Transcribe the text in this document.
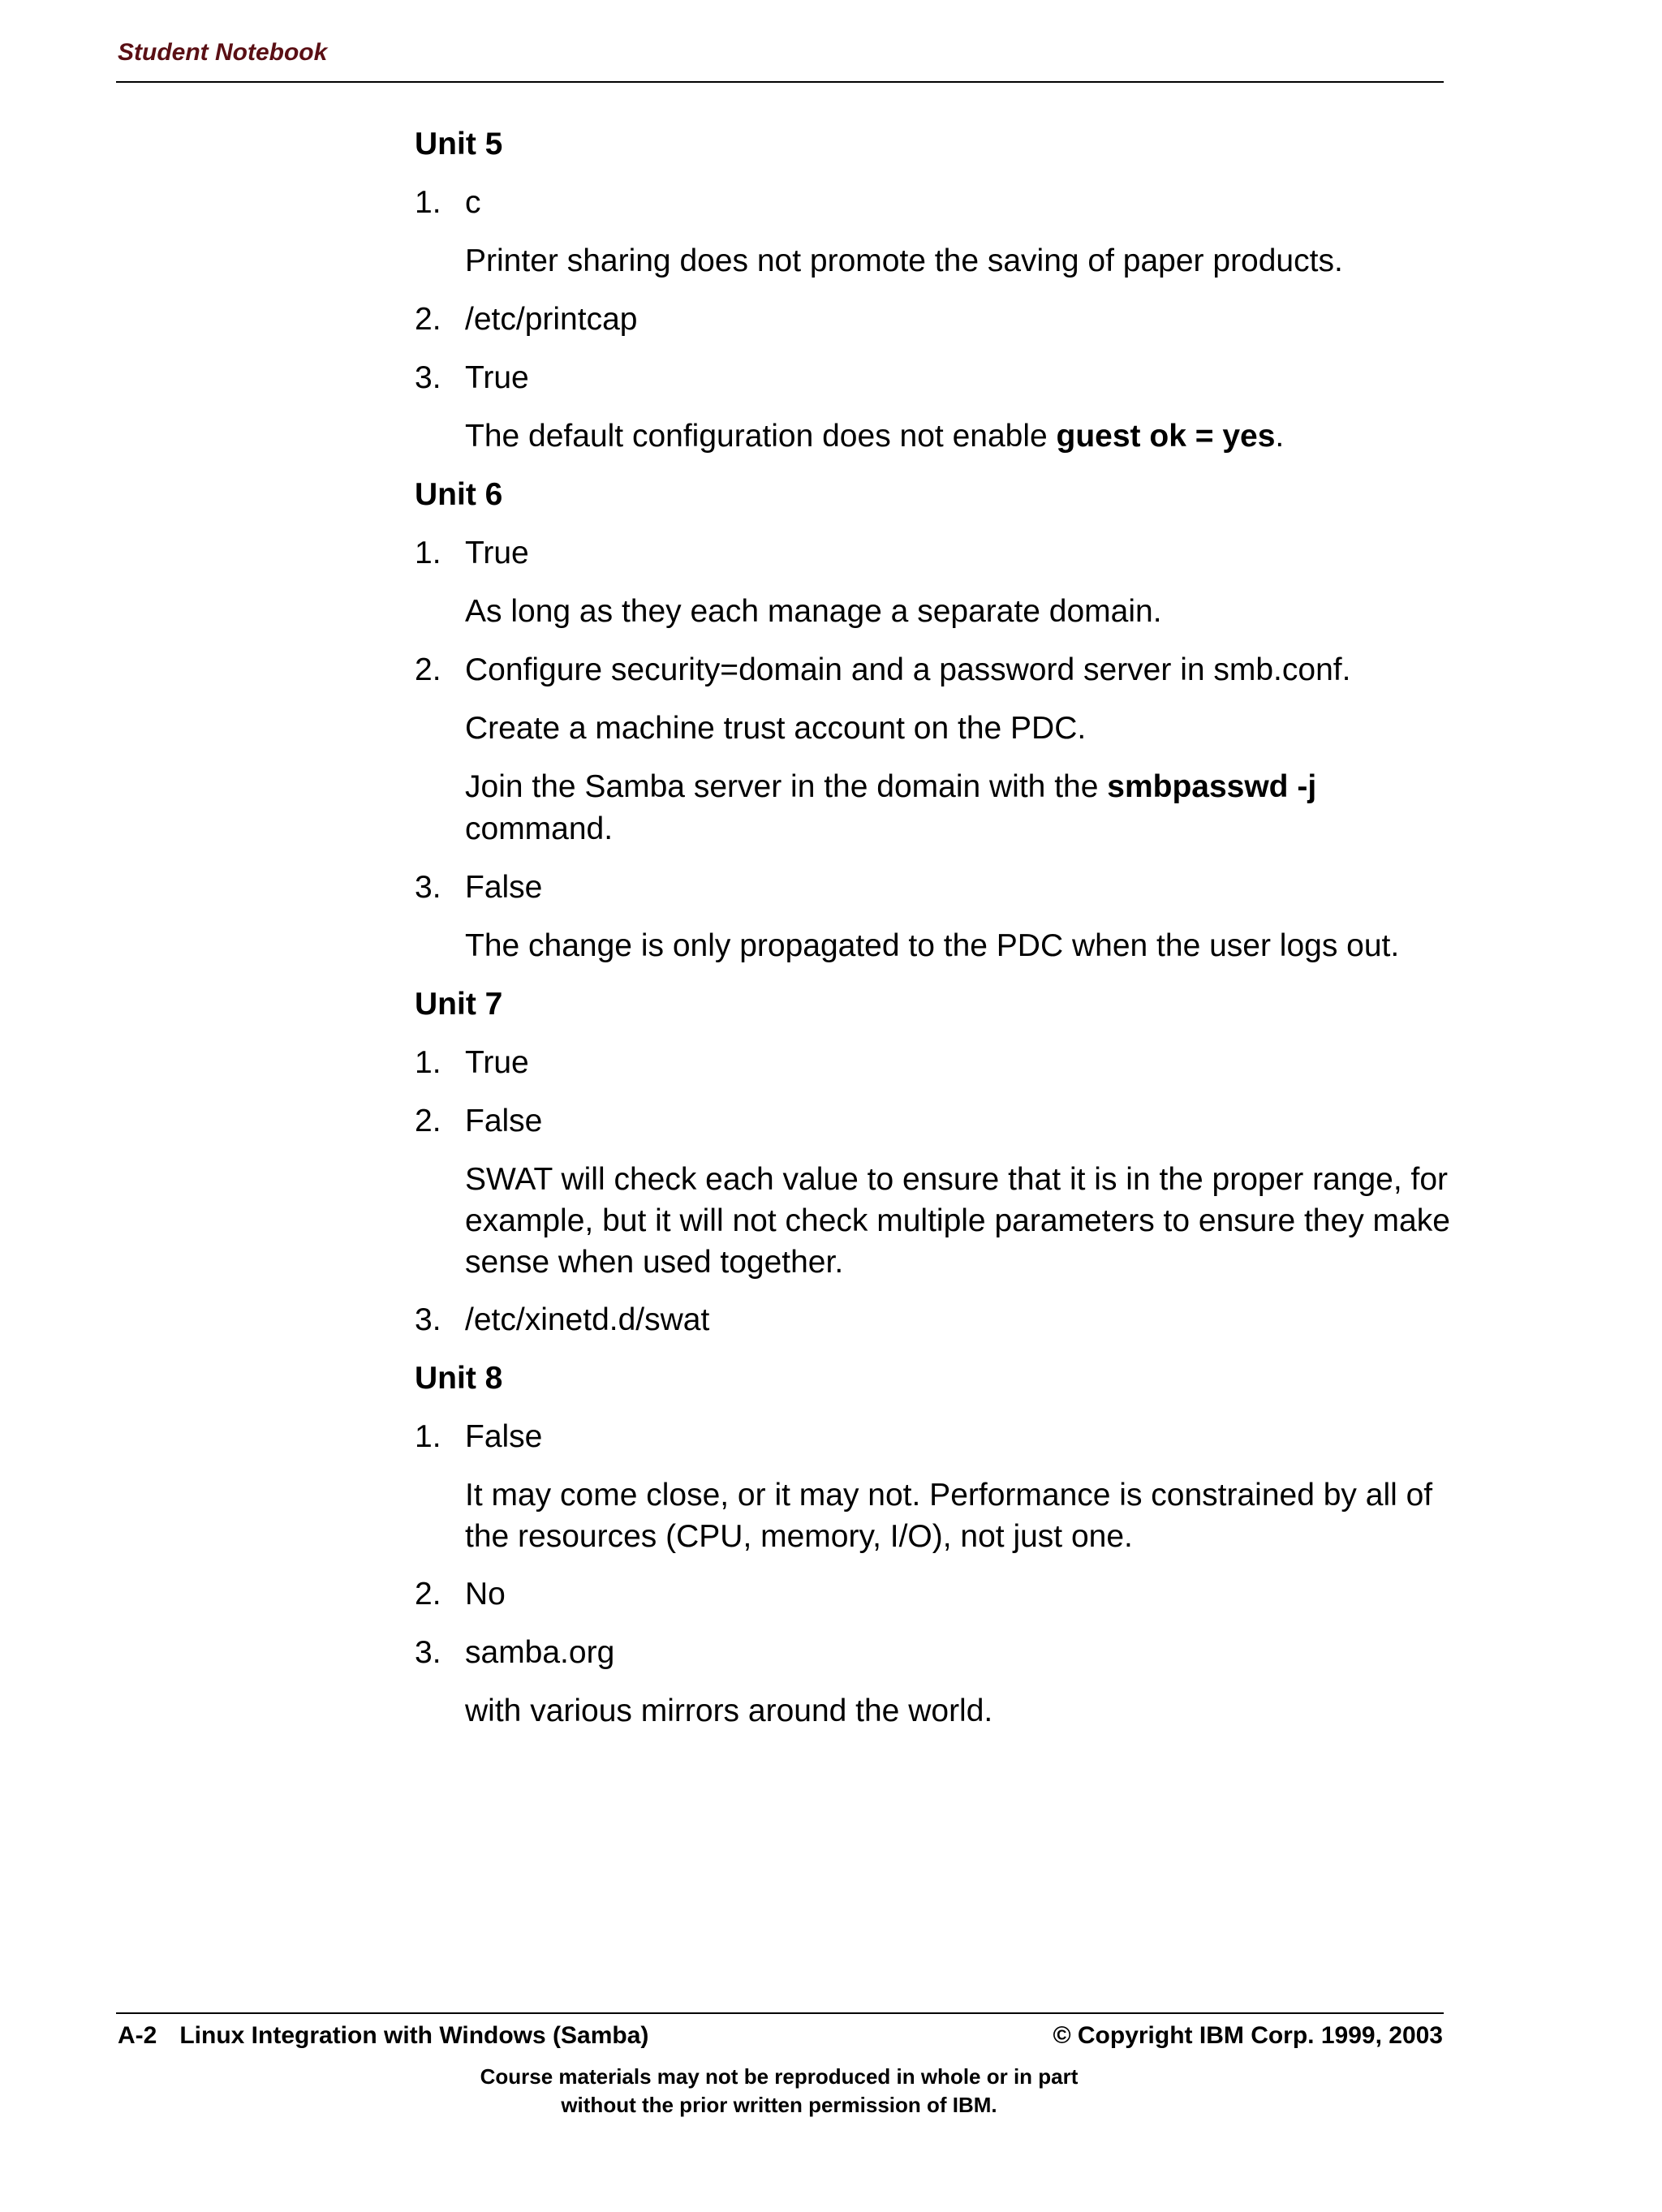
Student Notebook
Unit 5
1. c
Printer sharing does not promote the saving of paper products.
2. /etc/printcap
3. True
The default configuration does not enable guest ok = yes.
Unit 6
1. True
As long as they each manage a separate domain.
2. Configure security=domain and a password server in smb.conf.
Create a machine trust account on the PDC.
Join the Samba server in the domain with the smbpasswd -j
command.
3. False
The change is only propagated to the PDC when the user logs out.
Unit 7
1. True
2. False
SWAT will check each value to ensure that it is in the proper range, for example, but it will not check multiple parameters to ensure they make sense when used together.
3. /etc/xinetd.d/swat
Unit 8
1. False
It may come close, or it may not. Performance is constrained by all of the resources (CPU, memory, I/O), not just one.
2. No
3. samba.org
with various mirrors around the world.
A-2 Linux Integration with Windows (Samba)	© Copyright IBM Corp. 1999, 2003
Course materials may not be reproduced in whole or in part
without the prior written permission of IBM.
